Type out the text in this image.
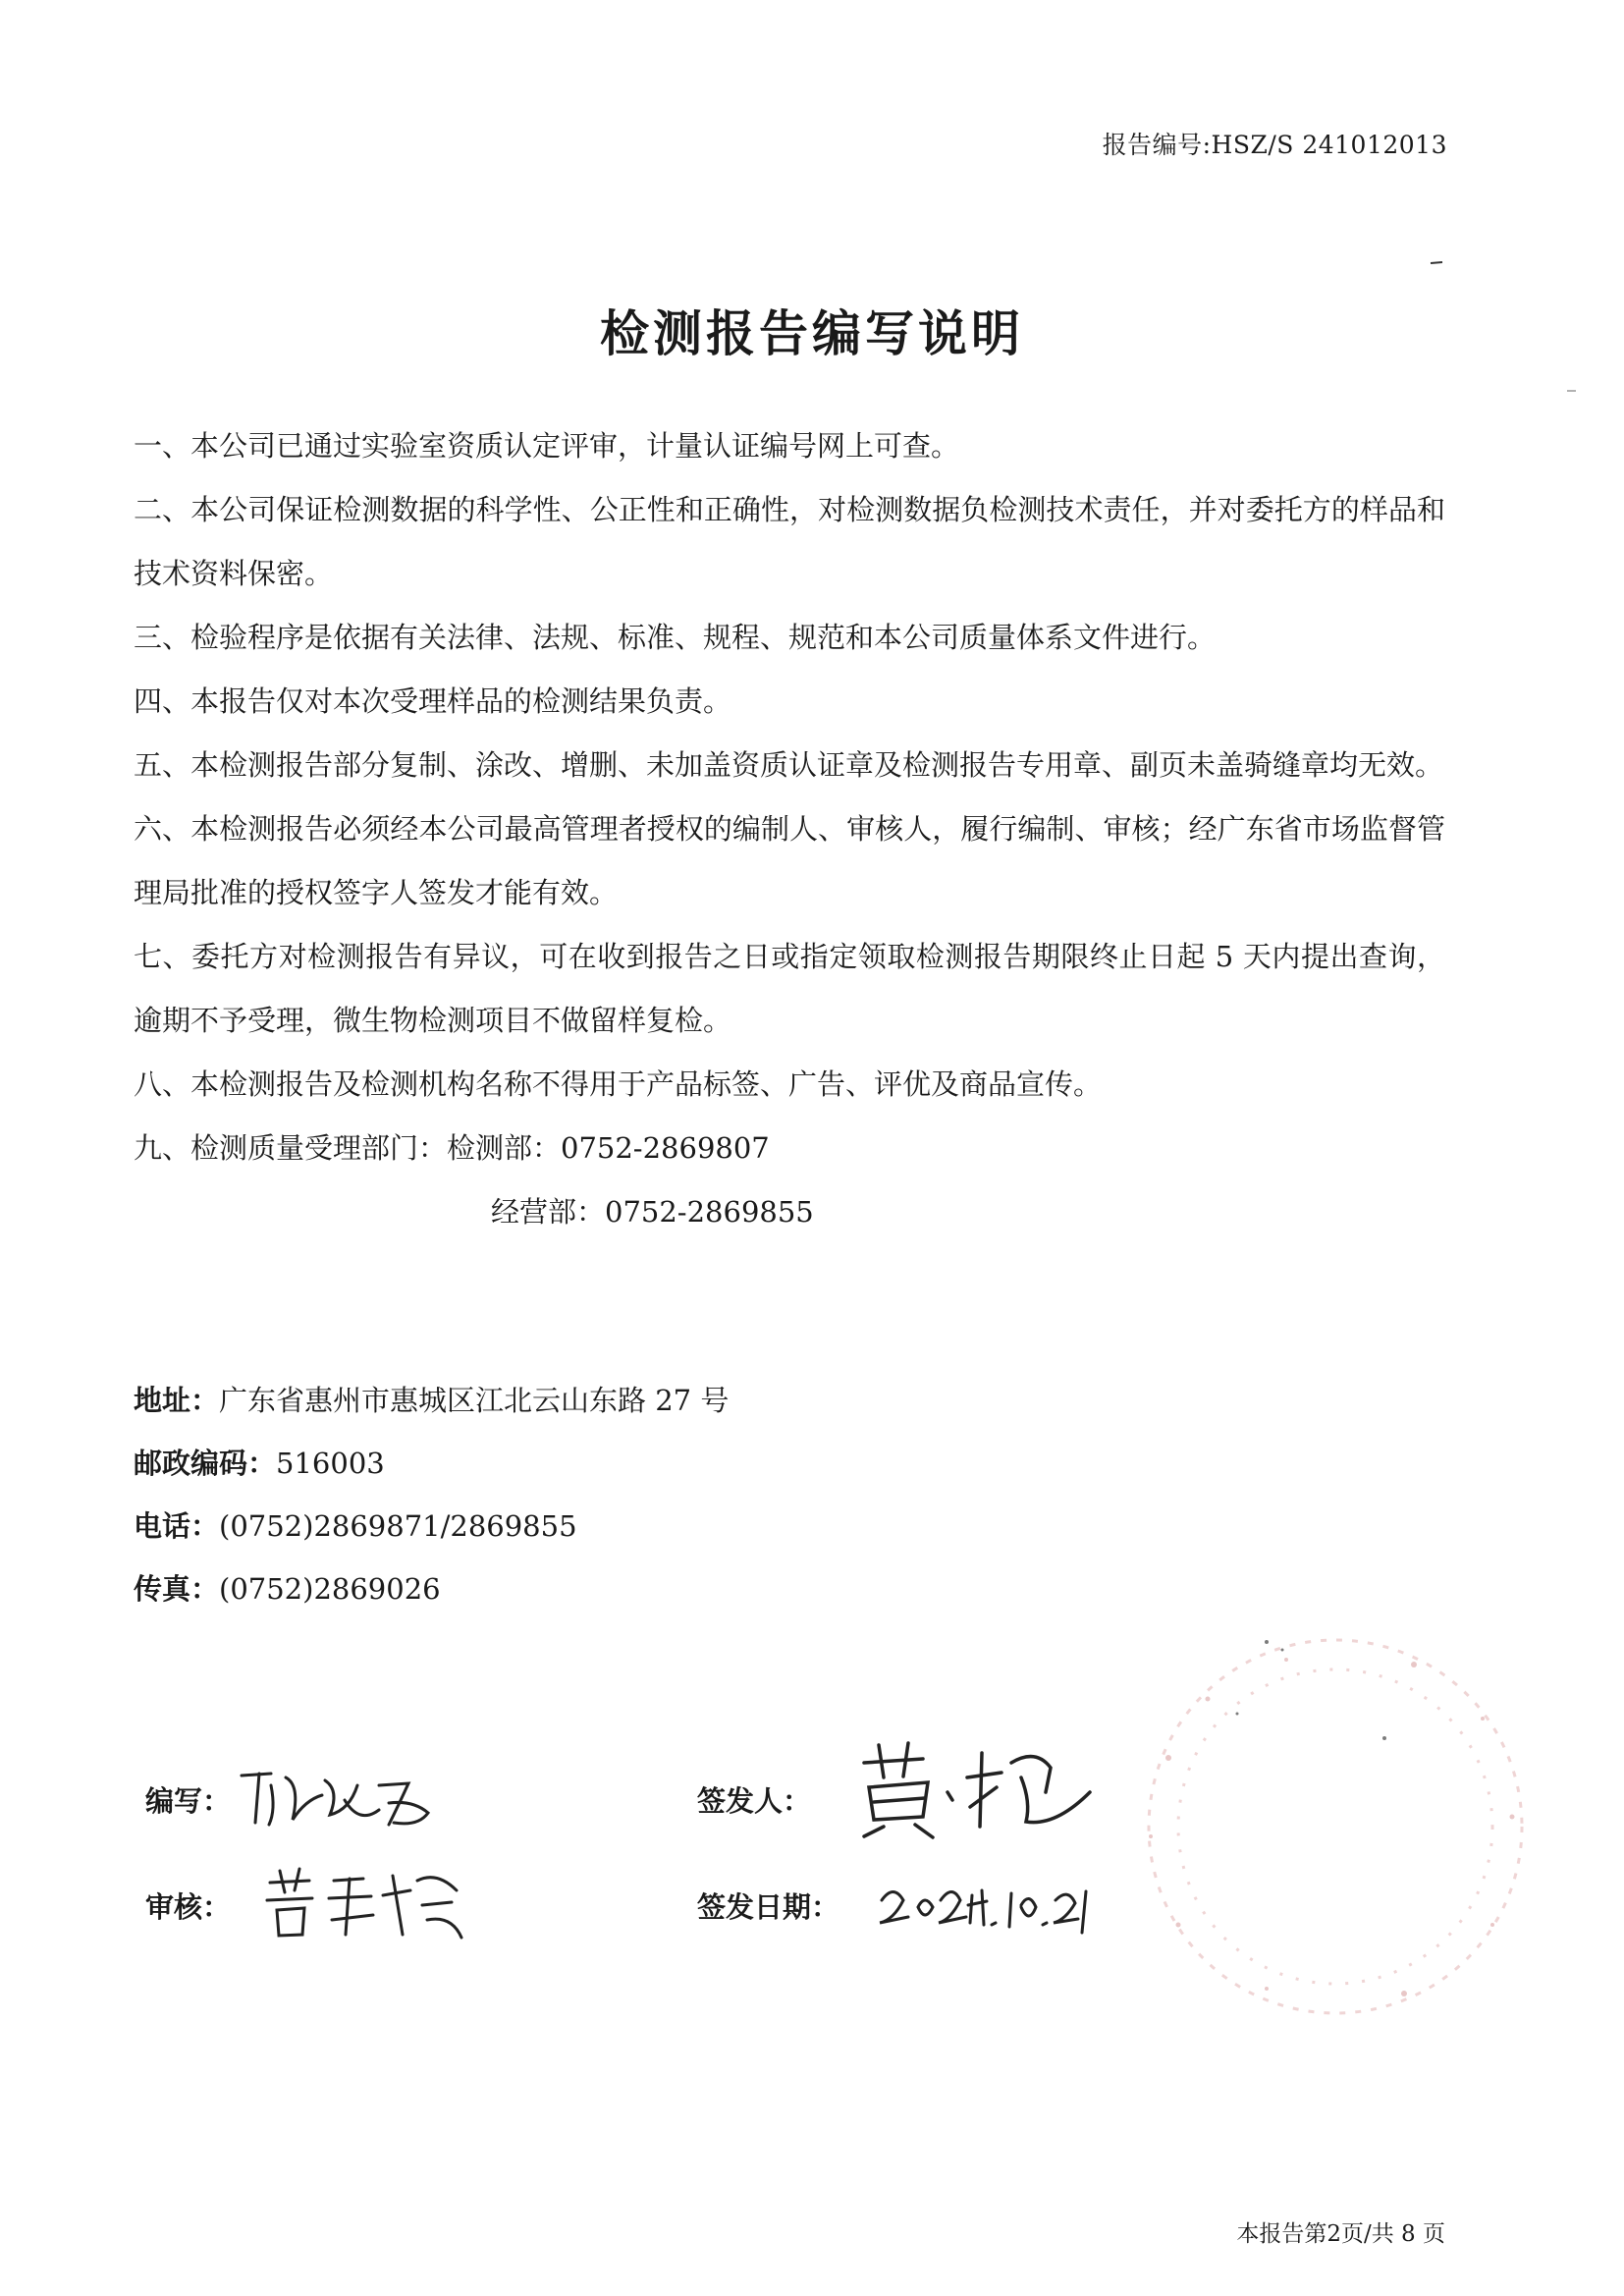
报告编号:HSZ/S 241012013
检测报告编写说明

一、本公司已通过实验室资质认定评审，计量认证编号网上可查。

二、本公司保证检测数据的科学性、公正性和正确性，对检测数据负检测技术责任，并对委托方的样品和技术资料保密。

三、检验程序是依据有关法律、法规、标准、规程、规范和本公司质量体系文件进行。

四、本报告仅对本次受理样品的检测结果负责。

五、本检测报告部分复制、涂改、增删、未加盖资质认证章及检测报告专用章、副页未盖骑缝章均无效。

六、本检测报告必须经本公司最高管理者授权的编制人、审核人，履行编制、审核；经广东省市场监督管理局批准的授权签字人签发才能有效。

七、委托方对检测报告有异议，可在收到报告之日或指定领取检测报告期限终止日起 5 天内提出查询，逾期不予受理，微生物检测项目不做留样复检。

八、本检测报告及检测机构名称不得用于产品标签、广告、评优及商品宣传。

九、检测质量受理部门：检测部：0752-2869807

经营部：0752-2869855

地址：广东省惠州市惠城区江北云山东路 27 号
邮政编码：516003
电话：(0752)2869871/2869855
传真：(0752)2869026
编写：
审核：
签发人：
签发日期：
本报告第2页/共 8 页
